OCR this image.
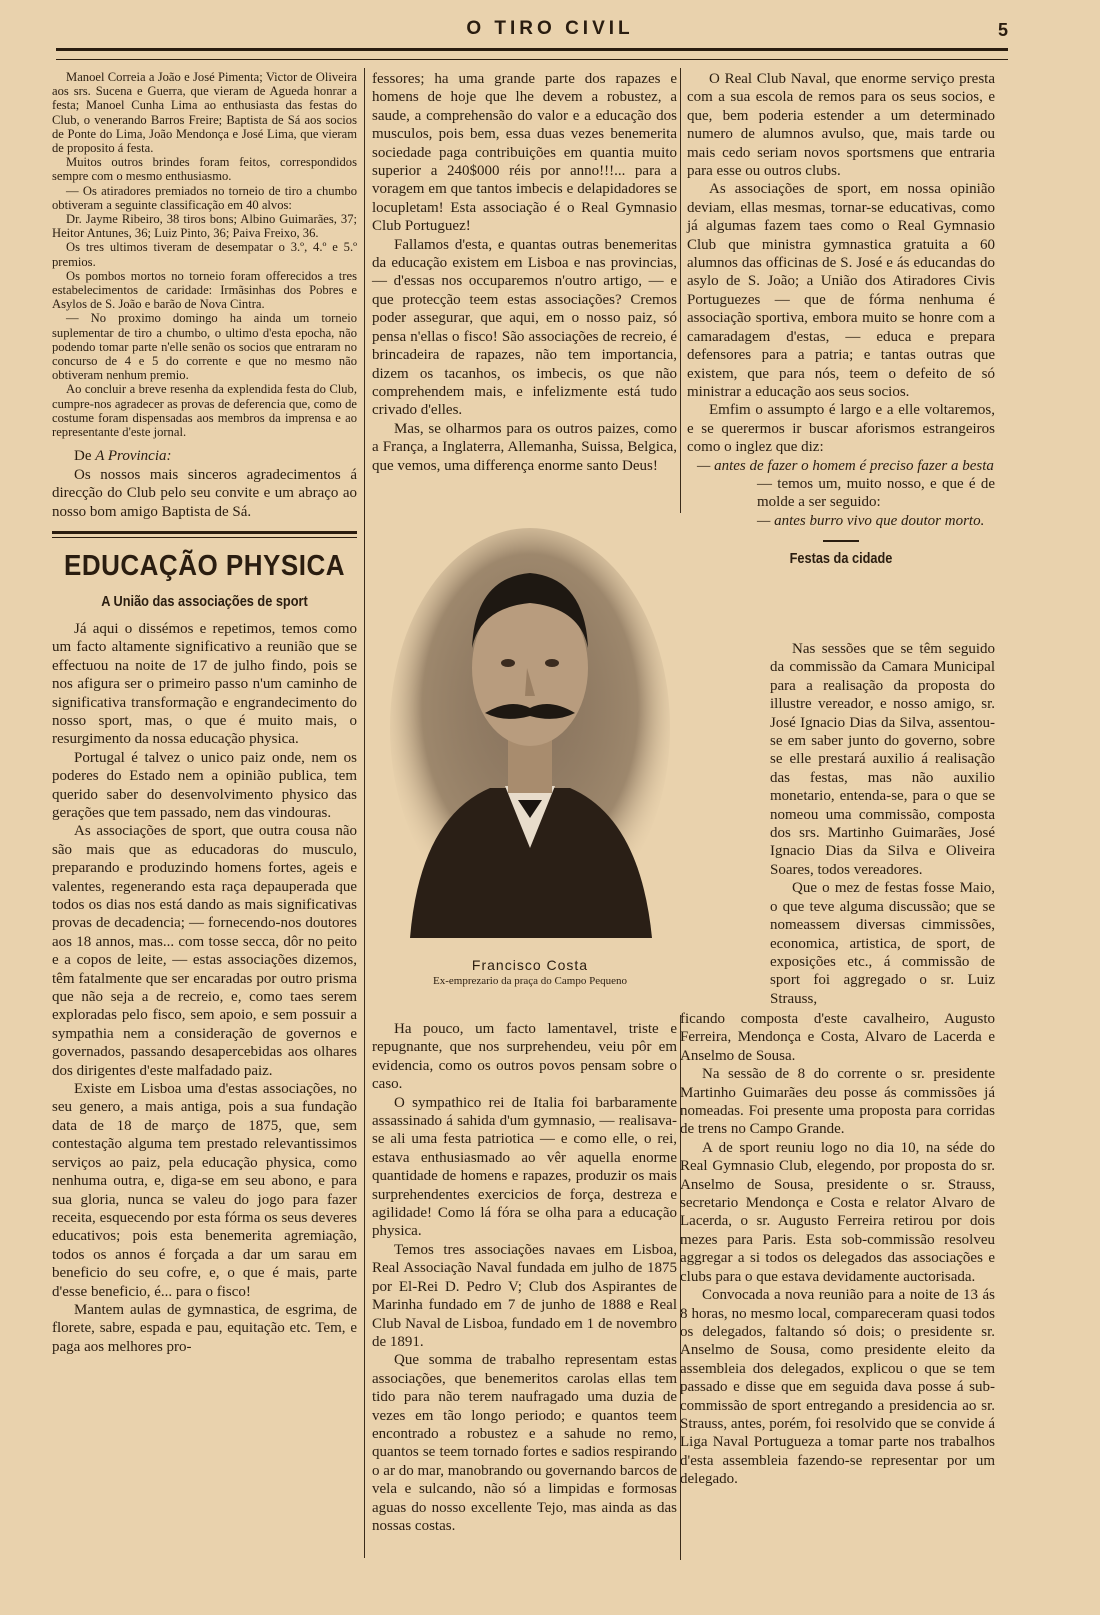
O TIRO CIVIL	5

Manoel Correia a João e José Pimenta; Victor de Oliveira aos srs. Sucena e Guerra, que vieram de Agueda honrar a festa; Manoel Cunha Lima ao enthusiasta das festas do Club, o venerando Barros Freire; Baptista de Sá aos socios de Ponte do Lima, João Mendonça e José Lima, que vieram de proposito á festa.

Muitos outros brindes foram feitos, correspondidos sempre com o mesmo enthusiasmo.

— Os atiradores premiados no torneio de tiro a chumbo obtiveram a seguinte classificação em 40 alvos:

Dr. Jayme Ribeiro, 38 tiros bons; Albino Guimarães, 37; Heitor Antunes, 36; Luiz Pinto, 36; Paiva Freixo, 36.

Os tres ultimos tiveram de desempatar o 3.º, 4.º e 5.º premios.

Os pombos mortos no torneio foram offerecidos a tres estabelecimentos de caridade: Irmãsinhas dos Pobres e Asylos de S. João e barão de Nova Cintra.

— No proximo domingo ha ainda um torneio suplementar de tiro a chumbo, o ultimo d'esta epocha, não podendo tomar parte n'elle senão os socios que entraram no concurso de 4 e 5 do corrente e que no mesmo não obtiveram nenhum premio.

Ao concluir a breve resenha da explendida festa do Club, cumpre-nos agradecer as provas de deferencia que, como de costume foram dispensadas aos membros da imprensa e ao representante d'este jornal.

De A Provincia:

Os nossos mais sinceros agradecimentos á direcção do Club pelo seu convite e um abraço ao nosso bom amigo Baptista de Sá.

EDUCAÇÃO PHYSICA
A União das associações de sport

Já aqui o dissémos e repetimos, temos como um facto altamente significativo a reunião que se effectuou na noite de 17 de julho findo, pois se nos afigura ser o primeiro passo n'um caminho de significativa transformação e engrandecimento do nosso sport, mas, o que é muito mais, o resurgimento da nossa educação physica.

Portugal é talvez o unico paiz onde, nem os poderes do Estado nem a opinião publica, tem querido saber do desenvolvimento physico das gerações que tem passado, nem das vindouras.

As associações de sport, que outra cousa não são mais que as educadoras do musculo, preparando e produzindo homens fortes, ageis e valentes, regenerando esta raça depauperada que todos os dias nos está dando as mais significativas provas de decadencia; — fornecendo-nos doutores aos 18 annos, mas... com tosse secca, dôr no peito e a copos de leite, — estas associações dizemos, têm fatalmente que ser encaradas por outro prisma que não seja a de recreio, e, como taes serem exploradas pelo fisco, sem apoio, e sem possuir a sympathia nem a consideração de governos e governados, passando desapercebidas aos olhares dos dirigentes d'este malfadado paiz.

Existe em Lisboa uma d'estas associações, no seu genero, a mais antiga, pois a sua fundação data de 18 de março de 1875, que, sem contestação alguma tem prestado relevantissimos serviços ao paiz, pela educação physica, como nenhuma outra, e, diga-se em seu abono, e para sua gloria, nunca se valeu do jogo para fazer receita, esquecendo por esta fórma os seus deveres educativos; pois esta benemerita agremiação, todos os annos é forçada a dar um sarau em beneficio do seu cofre, e, o que é mais, parte d'esse beneficio, é... para o fisco!

Mantem aulas de gymnastica, de esgrima, de florete, sabre, espada e pau, equitação etc. Tem, e paga aos melhores pro-

fessores; ha uma grande parte dos rapazes e homens de hoje que lhe devem a robustez, a saude, a comprehensão do valor e a educação dos musculos, pois bem, essa duas vezes benemerita sociedade paga contribuições em quantia muito superior a 240$000 réis por anno!!!... para a voragem em que tantos imbecis e delapidadores se locupletam! Esta associação é o Real Gymnasio Club Portuguez!

Fallamos d'esta, e quantas outras benemeritas da educação existem em Lisboa e nas provincias, — d'essas nos occuparemos n'outro artigo, — e que protecção teem estas associações? Cremos poder assegurar, que aqui, em o nosso paiz, só pensa n'ellas o fisco! São associações de recreio, é brincadeira de rapazes, não tem importancia, dizem os tacanhos, os imbecis, os que não comprehendem mais, e infelizmente está tudo crivado d'elles.

Mas, se olharmos para os outros paizes, como a França, a Inglaterra, Allemanha, Suissa, Belgica, que vemos, uma differença enorme santo Deus!

Francisco Costa
Ex-emprezario da praça do Campo Pequeno

Ha pouco, um facto lamentavel, triste e repugnante, que nos surprehendeu, veiu pôr em evidencia, como os outros povos pensam sobre o caso.

O sympathico rei de Italia foi barbaramente assassinado á sahida d'um gymnasio, — realisava-se ali uma festa patriotica — e como elle, o rei, estava enthusiasmado ao vêr aquella enorme quantidade de homens e rapazes, produzir os mais surprehendentes exercicios de força, destreza e agilidade! Como lá fóra se olha para a educação physica.

Temos tres associações navaes em Lisboa, Real Associação Naval fundada em julho de 1875 por El-Rei D. Pedro V; Club dos Aspirantes de Marinha fundado em 7 de junho de 1888 e Real Club Naval de Lisboa, fundado em 1 de novembro de 1891.

Que somma de trabalho representam estas associações, que benemeritos carolas ellas tem tido para não terem naufragado uma duzia de vezes em tão longo periodo; e quantos teem encontrado a robustez e a sahude no remo, quantos se teem tornado fortes e sadios respirando o ar do mar, manobrando ou governando barcos de vela e sulcando, não só a limpidas e formosas aguas do nosso excellente Tejo, mas ainda as das nossas costas.

O Real Club Naval, que enorme serviço presta com a sua escola de remos para os seus socios, e que, bem poderia estender a um determinado numero de alumnos avulso, que, mais tarde ou mais cedo seriam novos sportsmens que entraria para esse ou outros clubs.

As associações de sport, em nossa opinião deviam, ellas mesmas, tornar-se educativas, como já algumas fazem taes como o Real Gymnasio Club que ministra gymnastica gratuita a 60 alumnos das officinas de S. José e ás educandas do asylo de S. João; a União dos Atiradores Civis Portuguezes — que de fórma nenhuma é associação sportiva, embora muito se honre com a camaradagem d'estas, — educa e prepara defensores para a patria; e tantas outras que existem, que para nós, teem o defeito de só ministrar a educação aos seus socios.

Emfim o assumpto é largo e a elle voltaremos, e se querermos ir buscar aforismos estrangeiros como o inglez que diz:

— antes de fazer o homem é preciso fazer a besta

— temos um, muito nosso, e que é de molde a ser seguido:

— antes burro vivo que doutor morto.

Festas da cidade

Nas sessões que se têm seguido da commissão da Camara Municipal para a realisação da proposta do illustre vereador, e nosso amigo, sr. José Ignacio Dias da Silva, assentou-se em saber junto do governo, sobre se elle prestará auxilio á realisação das festas, mas não auxilio monetario, entenda-se, para o que se nomeou uma commissão, composta dos srs. Martinho Guimarães, José Ignacio Dias da Silva e Oliveira Soares, todos vereadores.

Que o mez de festas fosse Maio, o que teve alguma discussão; que se nomeassem diversas cimmissões, economica, artistica, de sport, de exposições etc., á commissão de sport foi aggregado o sr. Luiz Strauss,

ficando composta d'este cavalheiro, Augusto Ferreira, Mendonça e Costa, Alvaro de Lacerda e Anselmo de Sousa.

Na sessão de 8 do corrente o sr. presidente Martinho Guimarães deu posse ás commissões já nomeadas. Foi presente uma proposta para corridas de trens no Campo Grande.

A de sport reuniu logo no dia 10, na séde do Real Gymnasio Club, elegendo, por proposta do sr. Anselmo de Sousa, presidente o sr. Strauss, secretario Mendonça e Costa e relator Alvaro de Lacerda, o sr. Augusto Ferreira retirou por dois mezes para Paris. Esta sob-commissão resolveu aggregar a si todos os delegados das associações e clubs para o que estava devidamente auctorisada.

Convocada a nova reunião para a noite de 13 ás 8 horas, no mesmo local, compareceram quasi todos os delegados, faltando só dois; o presidente sr. Anselmo de Sousa, como presidente eleito da assembleia dos delegados, explicou o que se tem passado e disse que em seguida dava posse á sub-commissão de sport entregando a presidencia ao sr. Strauss, antes, porém, foi resolvido que se convide á Liga Naval Portugueza a tomar parte nos trabalhos d'esta assembleia fazendo-se representar por um delegado.
